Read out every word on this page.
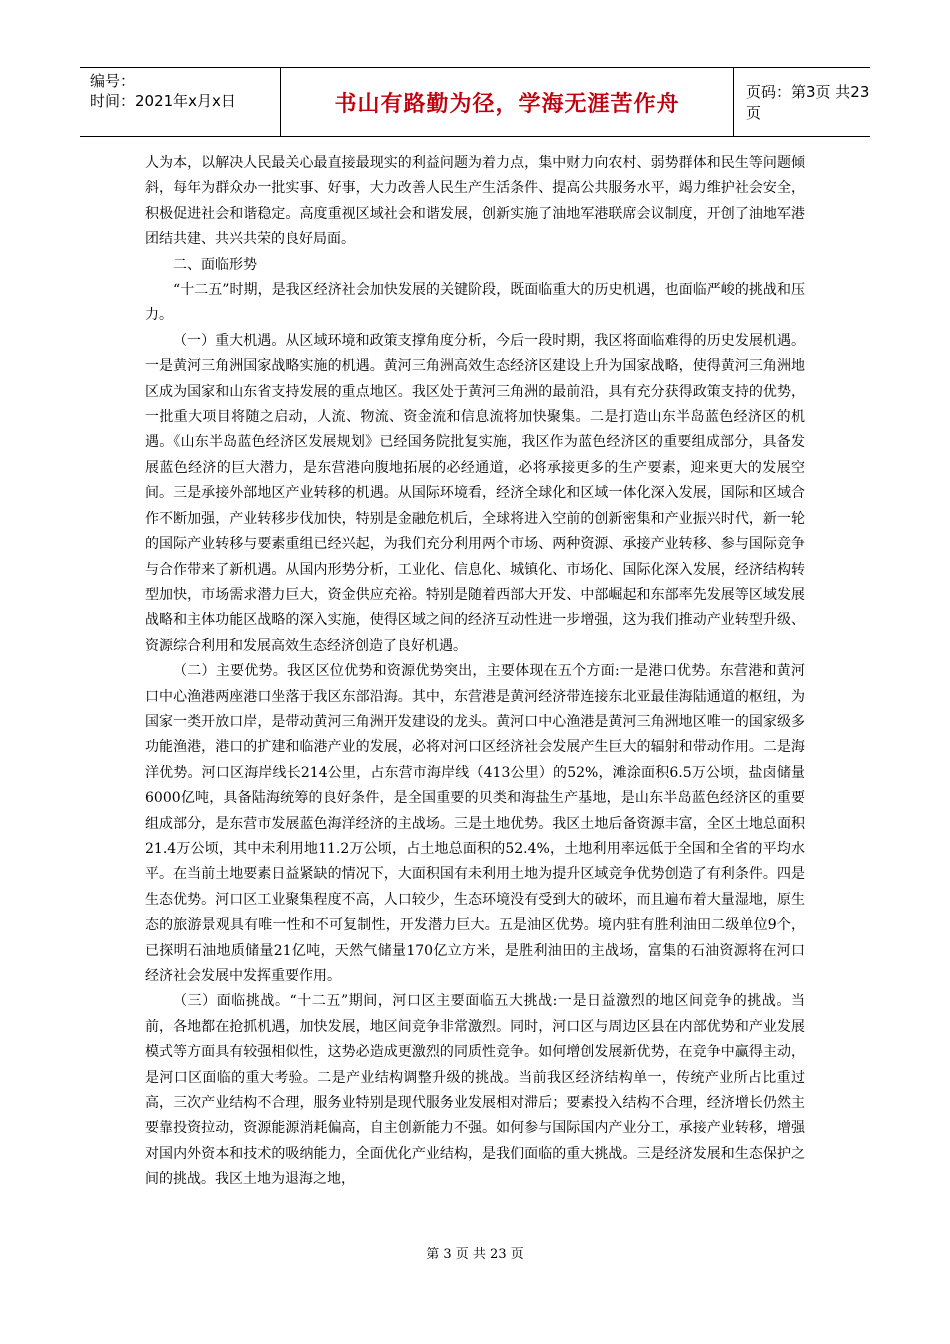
编号：
时间：2021年x月x日	书山有路勤为径，学海无涯苦作舟	页码：第3页 共23页

人为本，以解决人民最关心最直接最现实的利益问题为着力点，集中财力向农村、弱势群体和民生等问题倾斜，每年为群众办一批实事、好事，大力改善人民生产生活条件、提高公共服务水平，竭力维护社会安全，积极促进社会和谐稳定。高度重视区域社会和谐发展，创新实施了油地军港联席会议制度，开创了油地军港团结共建、共兴共荣的良好局面。

二、面临形势

“十二五”时期，是我区经济社会加快发展的关键阶段，既面临重大的历史机遇，也面临严峻的挑战和压力。

（一）重大机遇。从区域环境和政策支撑角度分析，今后一段时期，我区将面临难得的历史发展机遇。一是黄河三角洲国家战略实施的机遇。黄河三角洲高效生态经济区建设上升为国家战略，使得黄河三角洲地区成为国家和山东省支持发展的重点地区。我区处于黄河三角洲的最前沿，具有充分获得政策支持的优势，一批重大项目将随之启动，人流、物流、资金流和信息流将加快聚集。二是打造山东半岛蓝色经济区的机遇。《山东半岛蓝色经济区发展规划》已经国务院批复实施，我区作为蓝色经济区的重要组成部分，具备发展蓝色经济的巨大潜力，是东营港向腹地拓展的必经通道，必将承接更多的生产要素，迎来更大的发展空间。三是承接外部地区产业转移的机遇。从国际环境看，经济全球化和区域一体化深入发展，国际和区域合作不断加强，产业转移步伐加快，特别是金融危机后，全球将进入空前的创新密集和产业振兴时代，新一轮的国际产业转移与要素重组已经兴起，为我们充分利用两个市场、两种资源、承接产业转移、参与国际竞争与合作带来了新机遇。从国内形势分析，工业化、信息化、城镇化、市场化、国际化深入发展，经济结构转型加快，市场需求潜力巨大，资金供应充裕。特别是随着西部大开发、中部崛起和东部率先发展等区域发展战略和主体功能区战略的深入实施，使得区域之间的经济互动性进一步增强，这为我们推动产业转型升级、资源综合利用和发展高效生态经济创造了良好机遇。

（二）主要优势。我区区位优势和资源优势突出，主要体现在五个方面:一是港口优势。东营港和黄河口中心渔港两座港口坐落于我区东部沿海。其中，东营港是黄河经济带连接东北亚最佳海陆通道的枢纽，为国家一类开放口岸，是带动黄河三角洲开发建设的龙头。黄河口中心渔港是黄河三角洲地区唯一的国家级多功能渔港，港口的扩建和临港产业的发展，必将对河口区经济社会发展产生巨大的辐射和带动作用。二是海洋优势。河口区海岸线长214公里，占东营市海岸线（413公里）的52%，滩涂面积6.5万公顷，盐卤储量6000亿吨，具备陆海统筹的良好条件，是全国重要的贝类和海盐生产基地，是山东半岛蓝色经济区的重要组成部分，是东营市发展蓝色海洋经济的主战场。三是土地优势。我区土地后备资源丰富，全区土地总面积21.4万公顷，其中未利用地11.2万公顷，占土地总面积的52.4%，土地利用率远低于全国和全省的平均水平。在当前土地要素日益紧缺的情况下，大面积国有未利用土地为提升区域竞争优势创造了有利条件。四是生态优势。河口区工业聚集程度不高，人口较少，生态环境没有受到大的破坏，而且遍布着大量湿地，原生态的旅游景观具有唯一性和不可复制性，开发潜力巨大。五是油区优势。境内驻有胜利油田二级单位9个，已探明石油地质储量21亿吨，天然气储量170亿立方米，是胜利油田的主战场，富集的石油资源将在河口经济社会发展中发挥重要作用。

（三）面临挑战。“十二五”期间，河口区主要面临五大挑战:一是日益激烈的地区间竞争的挑战。当前，各地都在抢抓机遇，加快发展，地区间竞争非常激烈。同时，河口区与周边区县在内部优势和产业发展模式等方面具有较强相似性，这势必造成更激烈的同质性竞争。如何增创发展新优势，在竞争中赢得主动，是河口区面临的重大考验。二是产业结构调整升级的挑战。当前我区经济结构单一，传统产业所占比重过高，三次产业结构不合理，服务业特别是现代服务业发展相对滞后；要素投入结构不合理，经济增长仍然主要靠投资拉动，资源能源消耗偏高，自主创新能力不强。如何参与国际国内产业分工，承接产业转移，增强对国内外资本和技术的吸纳能力，全面优化产业结构，是我们面临的重大挑战。三是经济发展和生态保护之间的挑战。我区土地为退海之地，

第 3 页 共 23 页
